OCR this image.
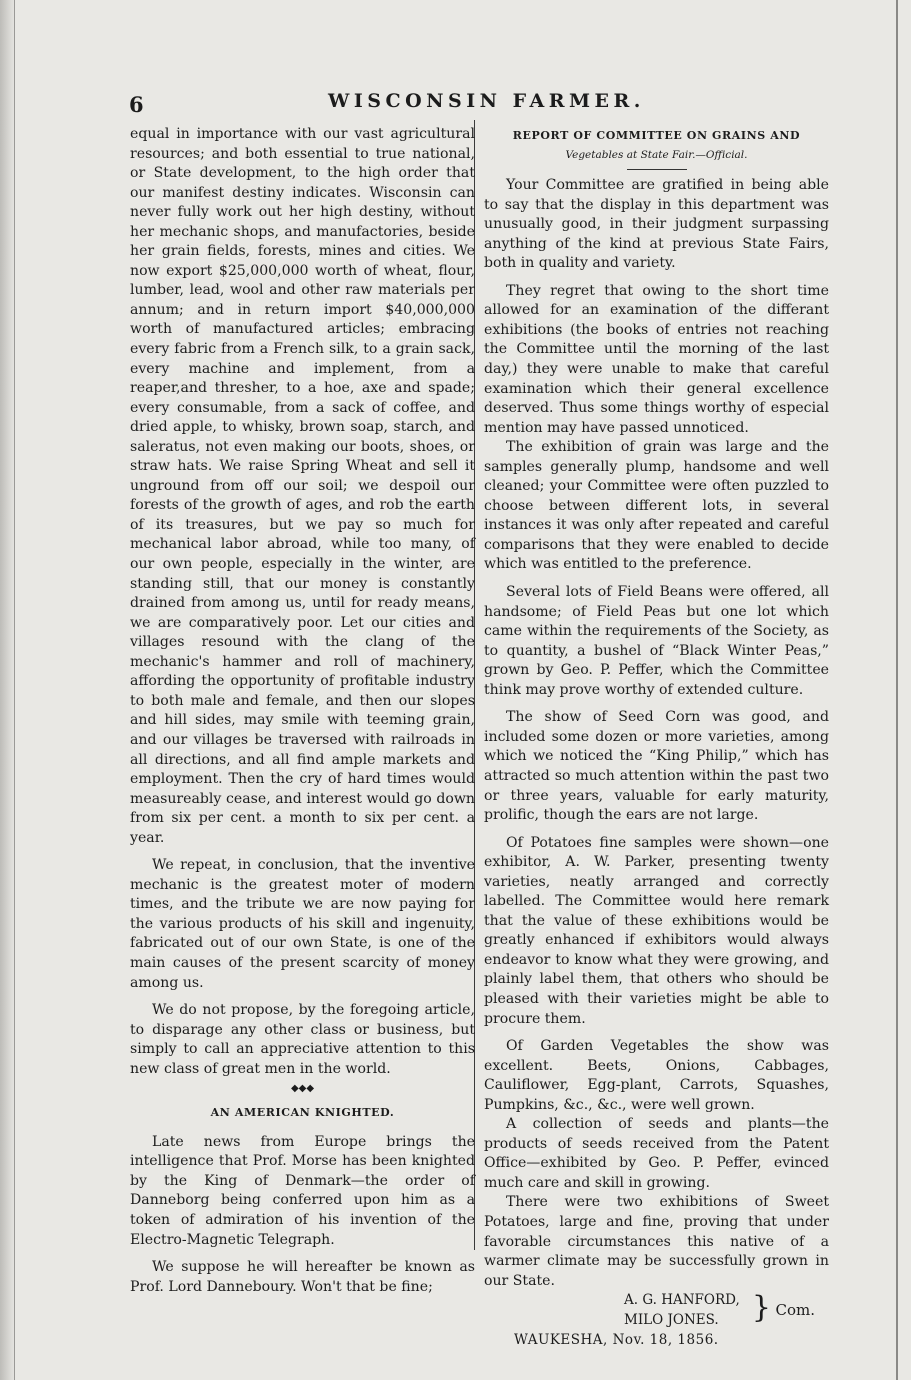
6	WISCONSIN FARMER.

equal in importance with our vast agricultural resources; and both essential to true national, or State development, to the high order that our manifest destiny indicates. Wisconsin can never fully work out her high destiny, without her mechanic shops, and manufactories, beside her grain fields, forests, mines and cities. We now export $25,000,000 worth of wheat, flour, lumber, lead, wool and other raw materials per annum; and in return import $40,000,000 worth of manufactured articles; embracing every fabric from a French silk, to a grain sack, every machine and implement, from a reaper,and thresher, to a hoe, axe and spade; every consumable, from a sack of coffee, and dried apple, to whisky, brown soap, starch, and saleratus, not even making our boots, shoes, or straw hats. We raise Spring Wheat and sell it unground from off our soil; we despoil our forests of the growth of ages, and rob the earth of its treasures, but we pay so much for mechanical labor abroad, while too many, of our own people, especially in the winter, are standing still, that our money is constantly drained from among us, until for ready means, we are comparatively poor. Let our cities and villages resound with the clang of the mechanic's hammer and roll of machinery, affording the opportunity of profitable industry to both male and female, and then our slopes and hill sides, may smile with teeming grain, and our villages be traversed with railroads in all directions, and all find ample markets and employment. Then the cry of hard times would measureably cease, and interest would go down from six per cent. a month to six per cent. a year.

We repeat, in conclusion, that the inventive mechanic is the greatest moter of modern times, and the tribute we are now paying for the various products of his skill and ingenuity, fabricated out of our own State, is one of the main causes of the present scarcity of money among us.

We do not propose, by the foregoing article, to disparage any other class or business, but simply to call an appreciative attention to this new class of great men in the world.

◆◆◆
AN AMERICAN KNIGHTED.

Late news from Europe brings the intelligence that Prof. Morse has been knighted by the King of Denmark—the order of Danneborg being conferred upon him as a token of admiration of his invention of the Electro-Magnetic Telegraph.

We suppose he will hereafter be known as Prof. Lord Danneboury. Won't that be fine;

REPORT OF COMMITTEE ON GRAINS AND
Vegetables at State Fair.—Official.

Your Committee are gratified in being able to say that the display in this department was unusually good, in their judgment surpassing anything of the kind at previous State Fairs, both in quality and variety.

They regret that owing to the short time allowed for an examination of the differant exhibitions (the books of entries not reaching the Committee until the morning of the last day,) they were unable to make that careful examination which their general excellence deserved. Thus some things worthy of especial mention may have passed unnoticed.

The exhibition of grain was large and the samples generally plump, handsome and well cleaned; your Committee were often puzzled to choose between different lots, in several instances it was only after repeated and careful comparisons that they were enabled to decide which was entitled to the preference.

Several lots of Field Beans were offered, all handsome; of Field Peas but one lot which came within the requirements of the Society, as to quantity, a bushel of “Black Winter Peas,” grown by Geo. P. Peffer, which the Committee think may prove worthy of extended culture.

The show of Seed Corn was good, and included some dozen or more varieties, among which we noticed the “King Philip,” which has attracted so much attention within the past two or three years, valuable for early maturity, prolific, though the ears are not large.

Of Potatoes fine samples were shown—one exhibitor, A. W. Parker, presenting twenty varieties, neatly arranged and correctly labelled. The Committee would here remark that the value of these exhibitions would be greatly enhanced if exhibitors would always endeavor to know what they were growing, and plainly label them, that others who should be pleased with their varieties might be able to procure them.

Of Garden Vegetables the show was excellent. Beets, Onions, Cabbages, Cauliflower, Egg-plant, Carrots, Squashes, Pumpkins, &c., &c., were well grown.

A collection of seeds and plants—the products of seeds received from the Patent Office—exhibited by Geo. P. Peffer, evinced much care and skill in growing.

There were two exhibitions of Sweet Potatoes, large and fine, proving that under favorable circumstances this native of a warmer climate may be successfully grown in our State.

A. G. HANFORD,
MILO JONES.	} Com.
WAUKESHA, Nov. 18, 1856.
